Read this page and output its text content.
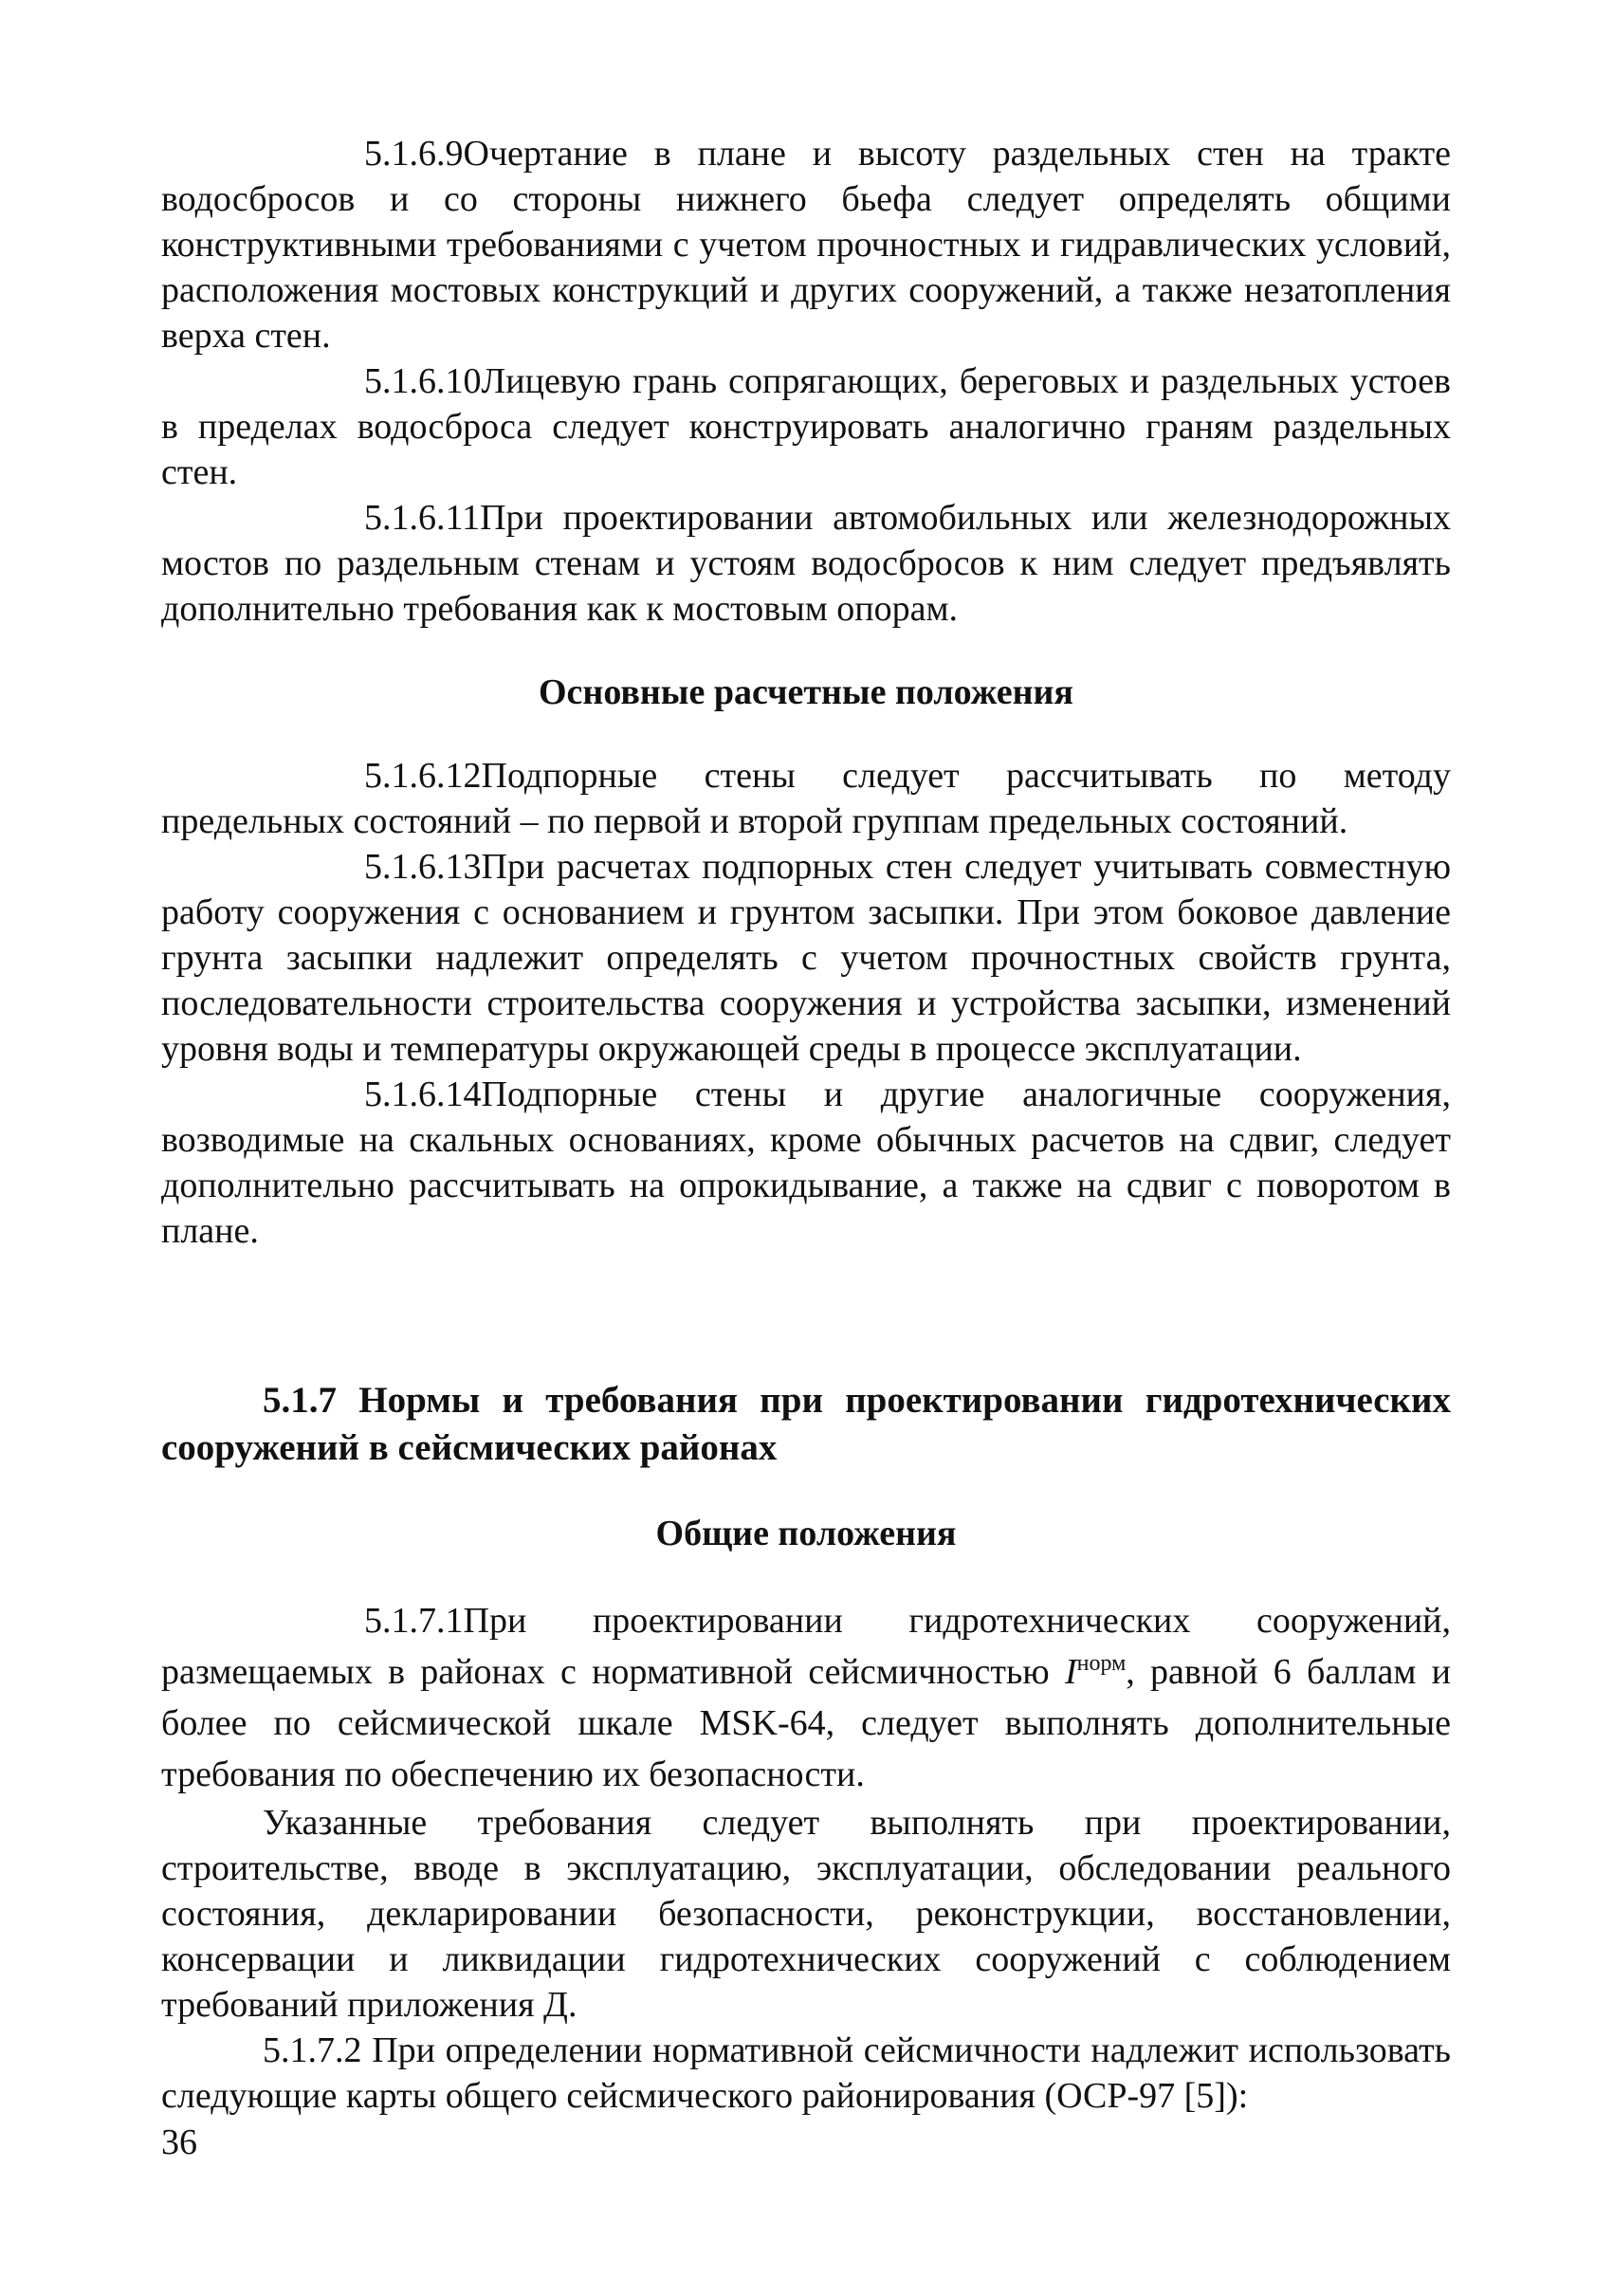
5.1.6.9Очертание в плане и высоту раздельных стен на тракте водосбросов и со стороны нижнего бьефа следует определять общими конструктивными требованиями с учетом прочностных и гидравлических условий, расположения мостовых конструкций и других сооружений, а также незатопления верха стен.

5.1.6.10Лицевую грань сопрягающих, береговых и раздельных устоев в пределах водосброса следует конструировать аналогично граням раздельных стен.

5.1.6.11При проектировании автомобильных или железнодорожных мостов по раздельным стенам и устоям водосбросов к ним следует предъявлять дополнительно требования как к мостовым опорам.

Основные расчетные положения

5.1.6.12Подпорные стены следует рассчитывать по методу предельных состояний – по первой и второй группам предельных состояний.

5.1.6.13При расчетах подпорных стен следует учитывать совместную работу сооружения с основанием и грунтом засыпки. При этом боковое давление грунта засыпки надлежит определять с учетом прочностных свойств грунта, последовательности строительства сооружения и устройства засыпки, изменений уровня воды и температуры окружающей среды в процессе эксплуатации.

5.1.6.14Подпорные стены и другие аналогичные сооружения, возводимые на скальных основаниях, кроме обычных расчетов на сдвиг, следует дополнительно рассчитывать на опрокидывание, а также на сдвиг с поворотом в плане.

5.1.7 Нормы и требования при проектировании гидротехнических сооружений в сейсмических районах

Общие положения

5.1.7.1При проектировании гидротехнических сооружений, размещаемых в районах с нормативной сейсмичностью $I^{норм}$, равной 6 баллам и более по сейсмической шкале MSK-64, следует выполнять дополнительные требования по обеспечению их безопасности.

Указанные требования следует выполнять при проектировании, строительстве, вводе в эксплуатацию, эксплуатации, обследовании реального состояния, декларировании безопасности, реконструкции, восстановлении, консервации и ликвидации гидротехнических сооружений с соблюдением требований приложения Д.

5.1.7.2 При определении нормативной сейсмичности надлежит использовать следующие карты общего сейсмического районирования (ОСР-97 [5]):

36
